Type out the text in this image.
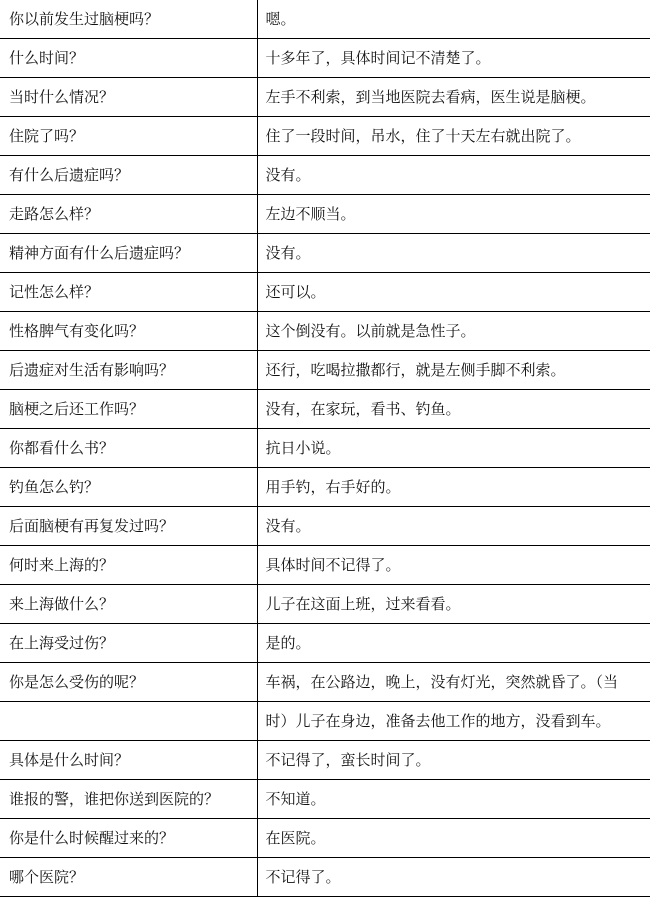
你以前发生过脑梗吗？	嗯。
什么时间？	十多年了，具体时间记不清楚了。
当时什么情况？	左手不利索，到当地医院去看病，医生说是脑梗。
住院了吗？	住了一段时间，吊水，住了十天左右就出院了。
有什么后遗症吗？	没有。
走路怎么样？	左边不顺当。
精神方面有什么后遗症吗？	没有。
记性怎么样？	还可以。
性格脾气有变化吗？	这个倒没有。以前就是急性子。
后遗症对生活有影响吗？	还行，吃喝拉撒都行，就是左侧手脚不利索。
脑梗之后还工作吗？	没有，在家玩，看书、钓鱼。
你都看什么书？	抗日小说。
钓鱼怎么钓？	用手钓，右手好的。
后面脑梗有再复发过吗？	没有。
何时来上海的？	具体时间不记得了。
来上海做什么？	儿子在这面上班，过来看看。
在上海受过伤？	是的。
你是怎么受伤的呢？	车祸，在公路边，晚上，没有灯光，突然就昏了。（当
	时）儿子在身边，准备去他工作的地方，没看到车。
具体是什么时间？	不记得了，蛮长时间了。
谁报的警，谁把你送到医院的？	不知道。
你是什么时候醒过来的？	在医院。
哪个医院？	不记得了。
